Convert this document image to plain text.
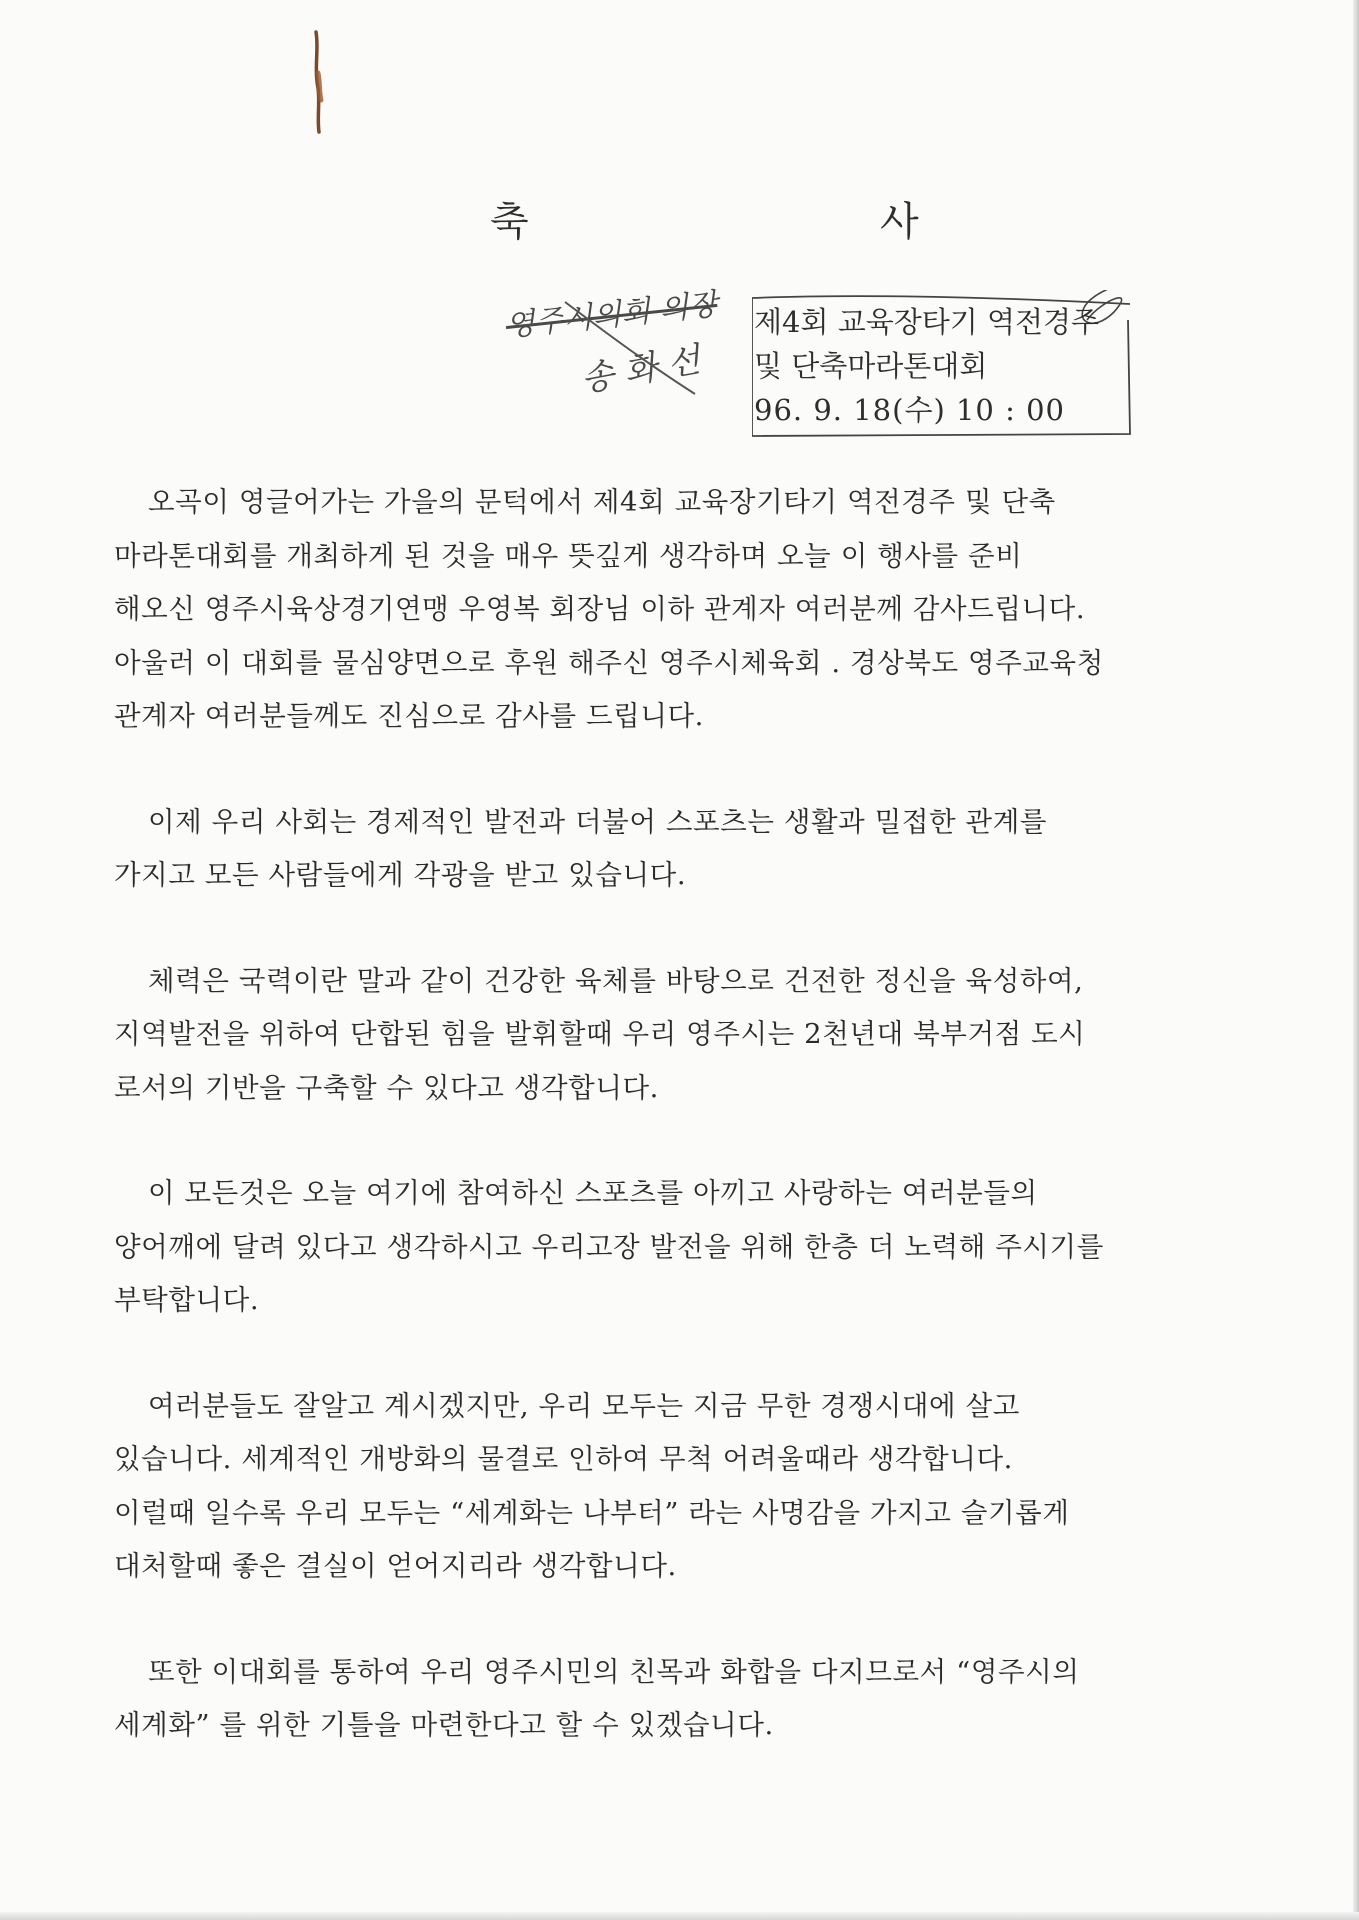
축	사
영주시의회 의장
송 화 선
제4회 교육장타기 역전경주
및 단축마라톤대회
96. 9. 18(수) 10 : 00
오곡이 영글어가는 가을의 문턱에서 제4회 교육장기타기 역전경주 및 단축
마라톤대회를 개최하게 된 것을 매우 뜻깊게 생각하며 오늘 이 행사를 준비
해오신 영주시육상경기연맹 우영복 회장님 이하 관계자 여러분께 감사드립니다.
아울러 이 대회를 물심양면으로 후원 해주신 영주시체육회 . 경상북도 영주교육청
관계자 여러분들께도 진심으로 감사를 드립니다.
이제 우리 사회는 경제적인 발전과 더불어 스포츠는 생활과 밀접한 관계를
가지고 모든 사람들에게 각광을 받고 있습니다.
체력은 국력이란 말과 같이 건강한 육체를 바탕으로 건전한 정신을 육성하여,
지역발전을 위하여 단합된 힘을 발휘할때 우리 영주시는 2천년대 북부거점 도시
로서의 기반을 구축할 수 있다고 생각합니다.
이 모든것은 오늘 여기에 참여하신 스포츠를 아끼고 사랑하는 여러분들의
양어깨에 달려 있다고 생각하시고 우리고장 발전을 위해 한층 더 노력해 주시기를
부탁합니다.
여러분들도 잘알고 계시겠지만, 우리 모두는 지금 무한 경쟁시대에 살고
있습니다. 세계적인 개방화의 물결로 인하여 무척 어려울때라 생각합니다.
이럴때 일수록 우리 모두는 “세계화는 나부터” 라는 사명감을 가지고 슬기롭게
대처할때 좋은 결실이 얻어지리라 생각합니다.
또한 이대회를 통하여 우리 영주시민의 친목과 화합을 다지므로서 “영주시의
세계화” 를 위한 기틀을 마련한다고 할 수 있겠습니다.
